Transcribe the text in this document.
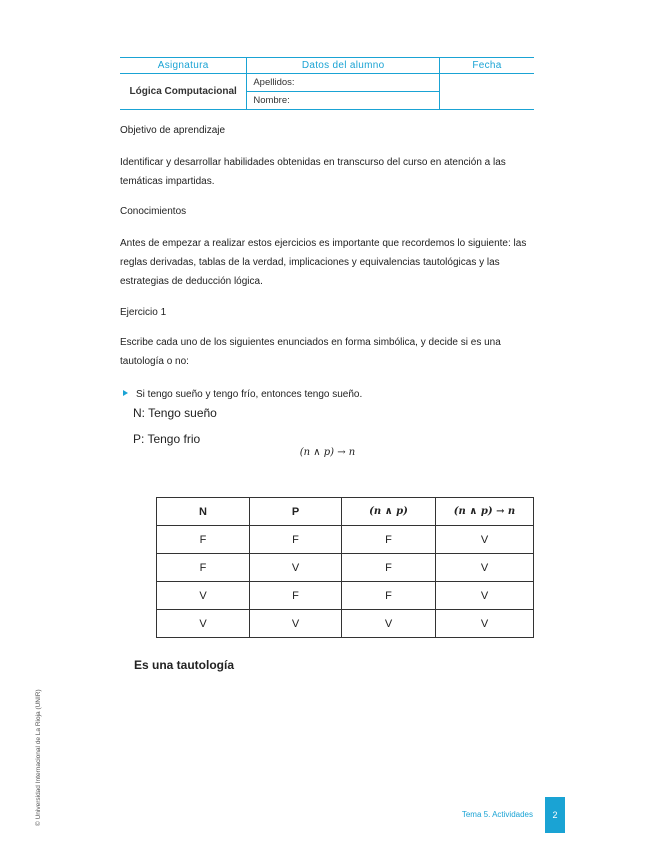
Asignatura	Datos del alumno	Fecha
Lógica Computacional	Apellidos:	
	Nombre:	

Objetivo de aprendizaje

Identificar y desarrollar habilidades obtenidas en transcurso del curso en atención a las temáticas impartidas.

Conocimientos

Antes de empezar a realizar estos ejercicios es importante que recordemos lo siguiente: las reglas derivadas, tablas de la verdad, implicaciones y equivalencias tautológicas y las estrategias de deducción lógica.

Ejercicio 1

Escribe cada uno de los siguientes enunciados en forma simbólica, y decide si es una tautología o no:

Si tengo sueño y tengo frío, entonces tengo sueño.
N: Tengo sueño
P: Tengo frio
(n ∧ p) → n
N	P	(n ∧ p)	(n ∧ p) → n
F	F	F	V
F	V	F	V
V	F	F	V
V	V	V	V
Es una tautología
© Universidad Internacional de La Rioja (UNIR)	Tema 5. Actividades	2
